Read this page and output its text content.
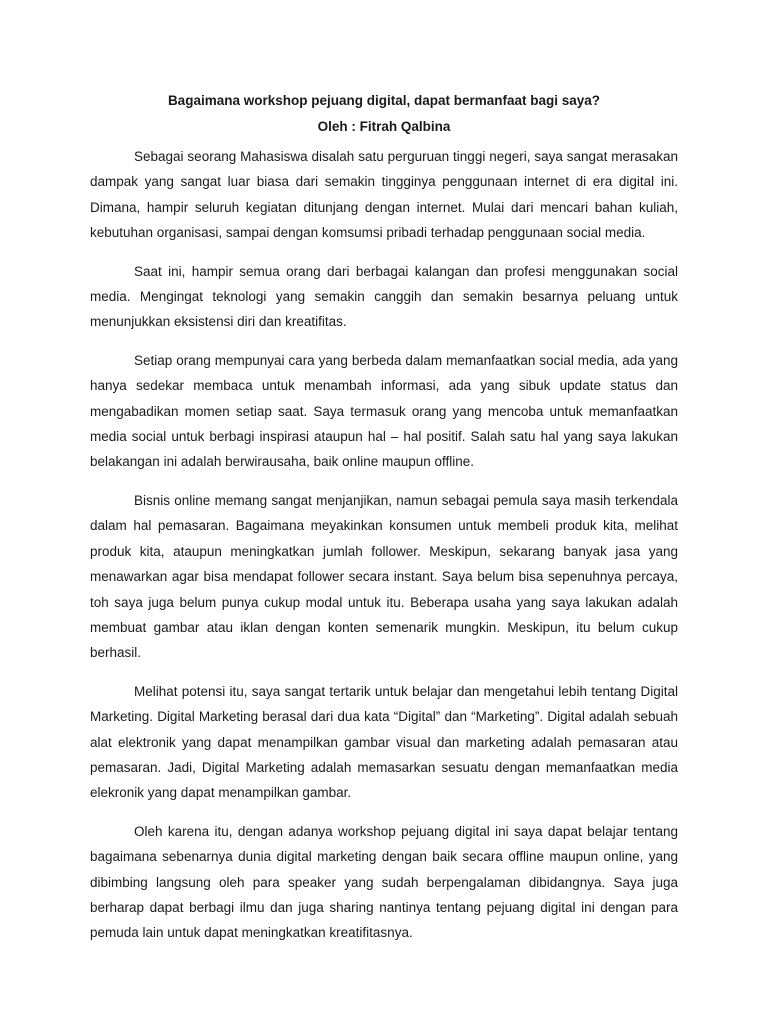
Bagaimana workshop pejuang digital, dapat bermanfaat bagi saya?

Oleh : Fitrah Qalbina

Sebagai seorang Mahasiswa disalah satu perguruan tinggi negeri, saya sangat merasakan dampak yang sangat luar biasa dari semakin tingginya penggunaan internet di era digital ini. Dimana, hampir seluruh kegiatan ditunjang dengan internet. Mulai dari mencari bahan kuliah, kebutuhan organisasi, sampai dengan komsumsi pribadi terhadap penggunaan social media.

Saat ini, hampir semua orang dari berbagai kalangan dan profesi menggunakan social media. Mengingat teknologi yang semakin canggih dan semakin besarnya peluang untuk menunjukkan eksistensi diri dan kreatifitas.

Setiap orang mempunyai cara yang berbeda dalam memanfaatkan social media, ada yang hanya sedekar membaca untuk menambah informasi, ada yang sibuk update status dan mengabadikan momen setiap saat. Saya termasuk orang yang mencoba untuk memanfaatkan media social untuk berbagi inspirasi ataupun hal – hal positif. Salah satu hal yang saya lakukan belakangan ini adalah berwirausaha, baik online maupun offline.

Bisnis online memang sangat menjanjikan, namun sebagai pemula saya masih terkendala dalam hal pemasaran. Bagaimana meyakinkan konsumen untuk membeli produk kita, melihat produk kita, ataupun meningkatkan jumlah follower. Meskipun, sekarang banyak jasa yang menawarkan agar bisa mendapat follower secara instant. Saya belum bisa sepenuhnya percaya, toh saya juga belum punya cukup modal untuk itu. Beberapa usaha yang saya lakukan adalah membuat gambar atau iklan dengan konten semenarik mungkin. Meskipun, itu belum cukup berhasil.

Melihat potensi itu, saya sangat tertarik untuk belajar dan mengetahui lebih tentang Digital Marketing. Digital Marketing berasal dari dua kata “Digital” dan “Marketing”. Digital adalah sebuah alat elektronik yang dapat menampilkan gambar visual dan marketing adalah pemasaran atau pemasaran. Jadi, Digital Marketing adalah memasarkan sesuatu dengan memanfaatkan media elekronik yang dapat menampilkan gambar.

Oleh karena itu, dengan adanya workshop pejuang digital ini saya dapat belajar tentang bagaimana sebenarnya dunia digital marketing dengan baik secara offline maupun online, yang dibimbing langsung oleh para speaker yang sudah berpengalaman dibidangnya. Saya juga berharap dapat berbagi ilmu dan juga sharing nantinya tentang pejuang digital ini dengan para pemuda lain untuk dapat meningkatkan kreatifitasnya.
